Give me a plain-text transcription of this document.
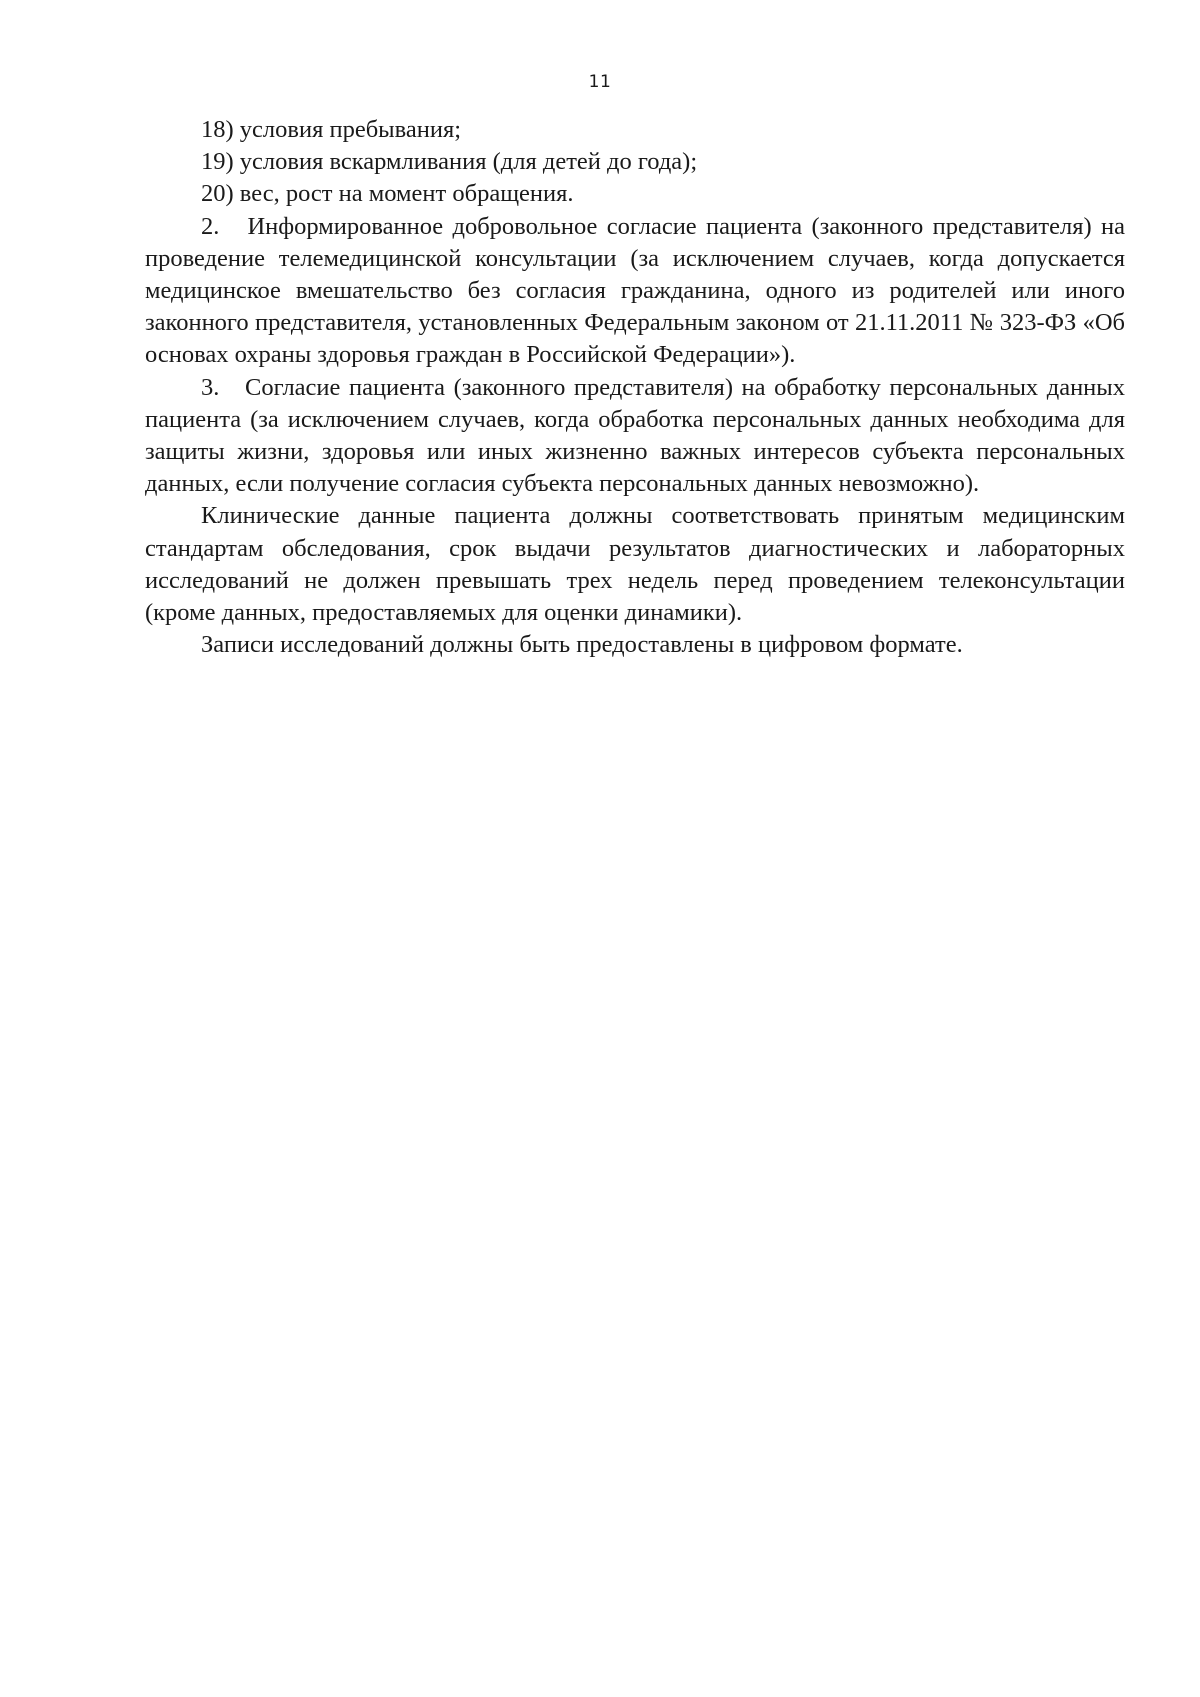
11

18) условия пребывания;

19) условия вскармливания (для детей до года);

20) вес, рост на момент обращения.

2.   Информированное добровольное согласие пациента (законного представителя) на проведение телемедицинской консультации (за исключением случаев, когда допускается медицинское вмешательство без согласия гражданина, одного из родителей или иного законного представителя, установленных Федеральным законом от 21.11.2011 № 323-ФЗ «Об основах охраны здоровья граждан в Российской Федерации»).

3.   Согласие пациента (законного представителя) на обработку персональных данных пациента (за исключением случаев, когда обработка персональных данных необходима для защиты жизни, здоровья или иных жизненно важных интересов субъекта персональных данных, если получение согласия субъекта персональных данных невозможно).

Клинические данные пациента должны соответствовать принятым медицинским стандартам обследования, срок выдачи результатов диагностических и лабораторных исследований не должен превышать трех недель перед проведением телеконсультации (кроме данных, предоставляемых для оценки динамики).

Записи исследований должны быть предоставлены в цифровом формате.
